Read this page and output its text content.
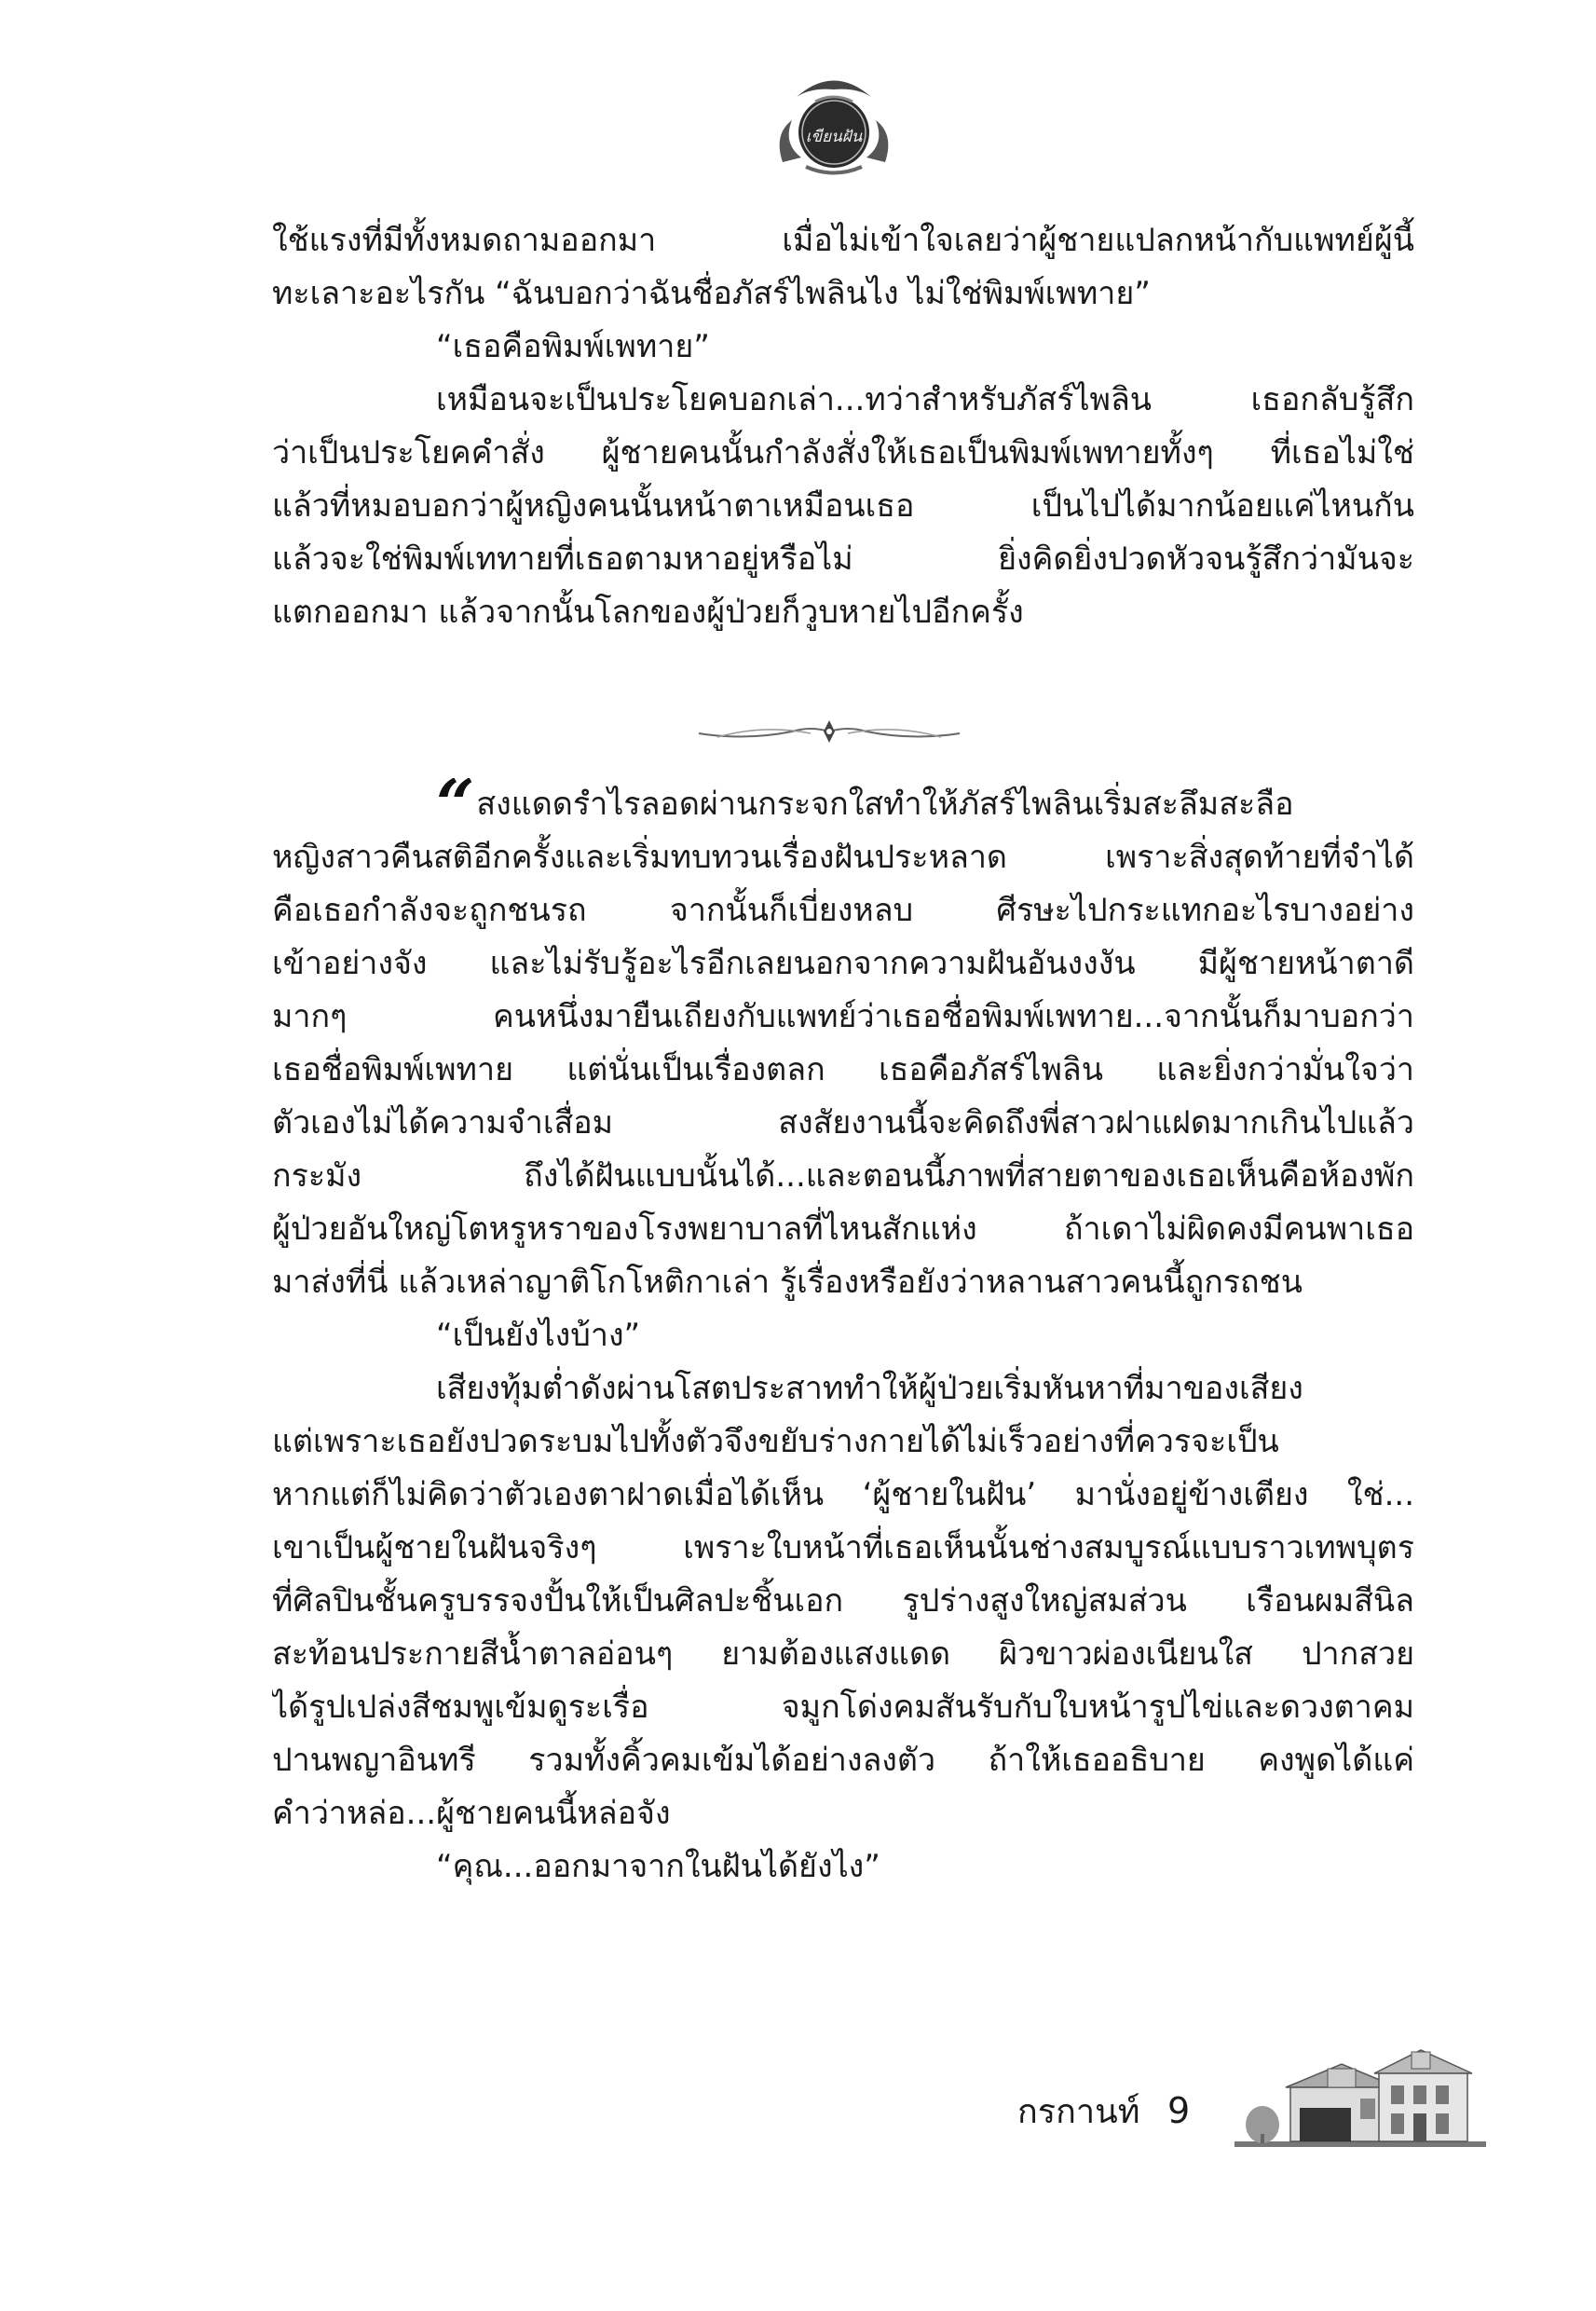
เขียนฝัน
ใช้แรงที่มีทั้งหมดถามออกมา เมื่อไม่เข้าใจเลยว่าผู้ชายแปลกหน้ากับแพทย์ผู้นี้
ทะเลาะอะไรกัน “ฉันบอกว่าฉันชื่อภัสร์ไพลินไง ไม่ใช่พิมพ์เพทาย”
“เธอคือพิมพ์เพทาย”
เหมือนจะเป็นประโยคบอกเล่า...ทว่าสำหรับภัสร์ไพลิน เธอกลับรู้สึก
ว่าเป็นประโยคคำสั่ง ผู้ชายคนนั้นกำลังสั่งให้เธอเป็นพิมพ์เพทายทั้งๆ ที่เธอไม่ใช่
แล้วที่หมอบอกว่าผู้หญิงคนนั้นหน้าตาเหมือนเธอ เป็นไปได้มากน้อยแค่ไหนกัน
แล้วจะใช่พิมพ์เททายที่เธอตามหาอยู่หรือไม่ ยิ่งคิดยิ่งปวดหัวจนรู้สึกว่ามันจะ
แตกออกมา แล้วจากนั้นโลกของผู้ป่วยก็วูบหายไปอีกครั้ง
“สงแดดรำไรลอดผ่านกระจกใสทำให้ภัสร์ไพลินเริ่มสะลึมสะลือ
หญิงสาวคืนสติอีกครั้งและเริ่มทบทวนเรื่องฝันประหลาด เพราะสิ่งสุดท้ายที่จำได้
คือเธอกำลังจะถูกชนรถ จากนั้นก็เบี่ยงหลบ ศีรษะไปกระแทกอะไรบางอย่าง
เข้าอย่างจัง และไม่รับรู้อะไรอีกเลยนอกจากความฝันอันงงงัน มีผู้ชายหน้าตาดี
มากๆ คนหนึ่งมายืนเถียงกับแพทย์ว่าเธอชื่อพิมพ์เพทาย...จากนั้นก็มาบอกว่า
เธอชื่อพิมพ์เพทาย แต่นั่นเป็นเรื่องตลก เธอคือภัสร์ไพลิน และยิ่งกว่ามั่นใจว่า
ตัวเองไม่ได้ความจำเสื่อม สงสัยงานนี้จะคิดถึงพี่สาวฝาแฝดมากเกินไปแล้ว
กระมัง ถึงได้ฝันแบบนั้นได้...และตอนนี้ภาพที่สายตาของเธอเห็นคือห้องพัก
ผู้ป่วยอันใหญ่โตหรูหราของโรงพยาบาลที่ไหนสักแห่ง ถ้าเดาไม่ผิดคงมีคนพาเธอ
มาส่งที่นี่ แล้วเหล่าญาติโกโหติกาเล่า รู้เรื่องหรือยังว่าหลานสาวคนนี้ถูกรถชน
“เป็นยังไงบ้าง”
เสียงทุ้มต่ำดังผ่านโสตประสาททำให้ผู้ป่วยเริ่มหันหาที่มาของเสียง
แต่เพราะเธอยังปวดระบมไปทั้งตัวจึงขยับร่างกายได้ไม่เร็วอย่างที่ควรจะเป็น
หากแต่ก็ไม่คิดว่าตัวเองตาฝาดเมื่อได้เห็น ‘ผู้ชายในฝัน’ มานั่งอยู่ข้างเตียง ใช่...
เขาเป็นผู้ชายในฝันจริงๆ เพราะใบหน้าที่เธอเห็นนั้นช่างสมบูรณ์แบบราวเทพบุตร
ที่ศิลปินชั้นครูบรรจงปั้นให้เป็นศิลปะชิ้นเอก รูปร่างสูงใหญ่สมส่วน เรือนผมสีนิล
สะท้อนประกายสีน้ำตาลอ่อนๆ ยามต้องแสงแดด ผิวขาวผ่องเนียนใส ปากสวย
ได้รูปเปล่งสีชมพูเข้มดูระเรื่อ จมูกโด่งคมสันรับกับใบหน้ารูปไข่และดวงตาคม
ปานพญาอินทรี รวมทั้งคิ้วคมเข้มได้อย่างลงตัว ถ้าให้เธออธิบาย คงพูดได้แค่
คำว่าหล่อ...ผู้ชายคนนี้หล่อจัง
“คุณ...ออกมาจากในฝันได้ยังไง”
กรกานท์ 9
